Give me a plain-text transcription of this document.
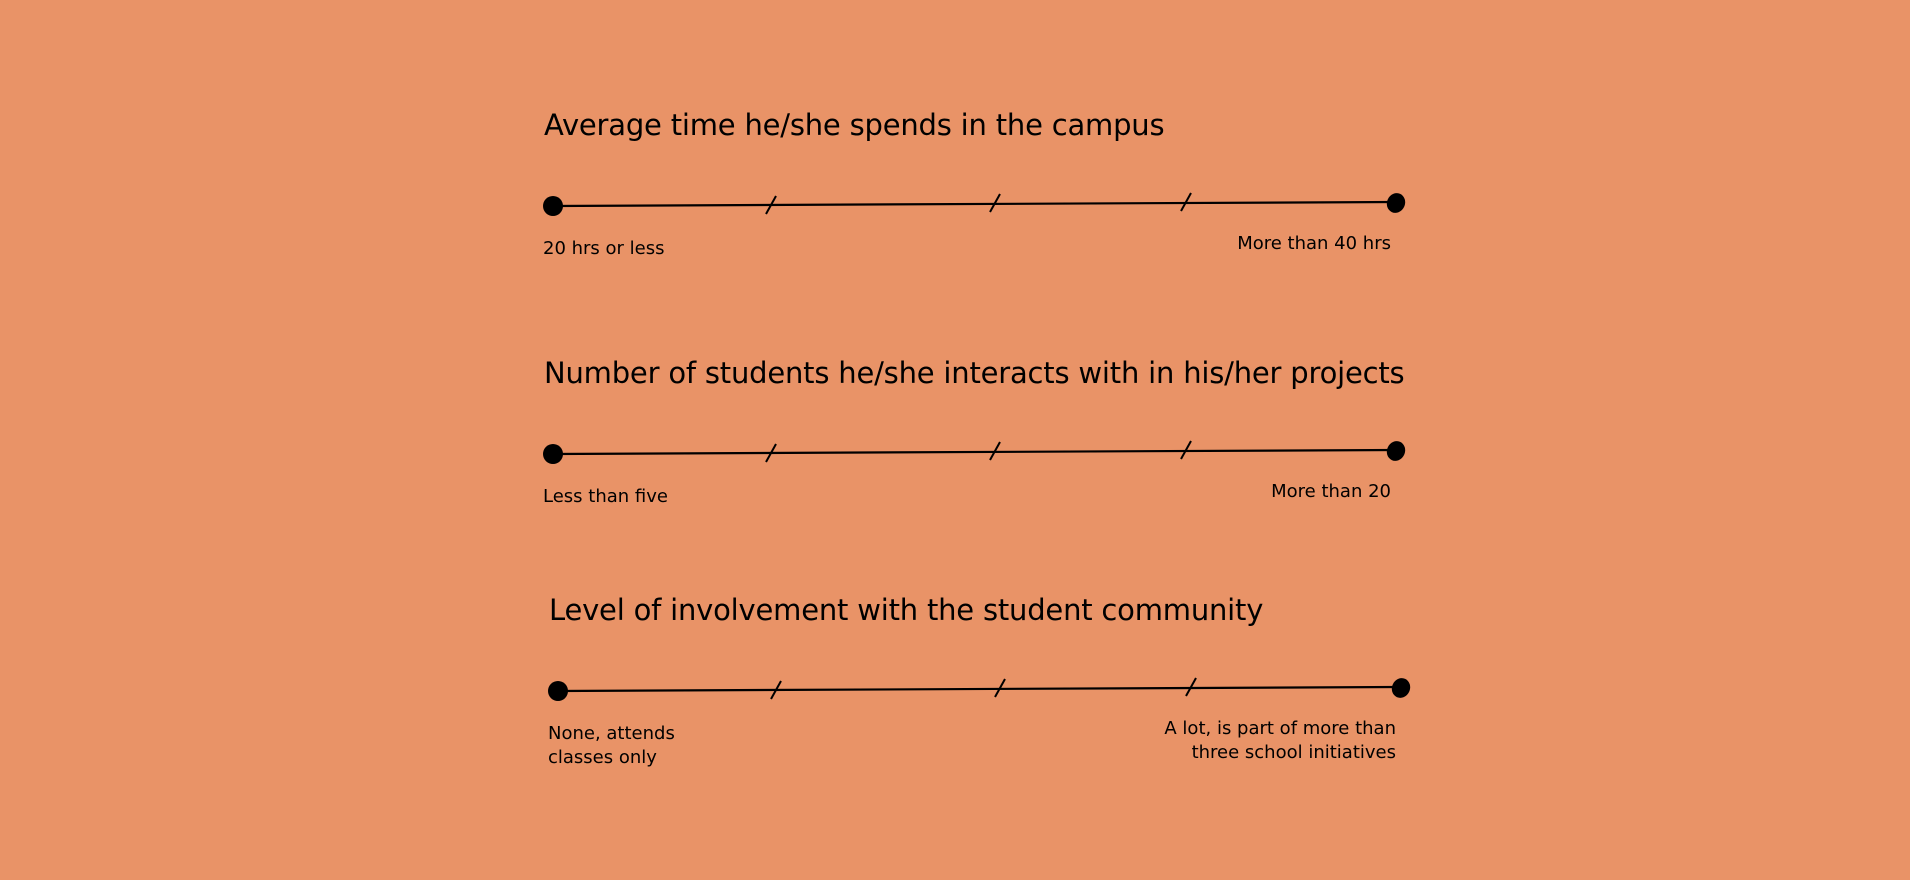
Average time he/she spends in the campus
20 hrs or less	More than 40 hrs
Number of students he/she interacts with in his/her projects
Less than five	More than 20
Level of involvement with the student community
None, attends
classes only
A lot, is part of more than
three school initiatives
